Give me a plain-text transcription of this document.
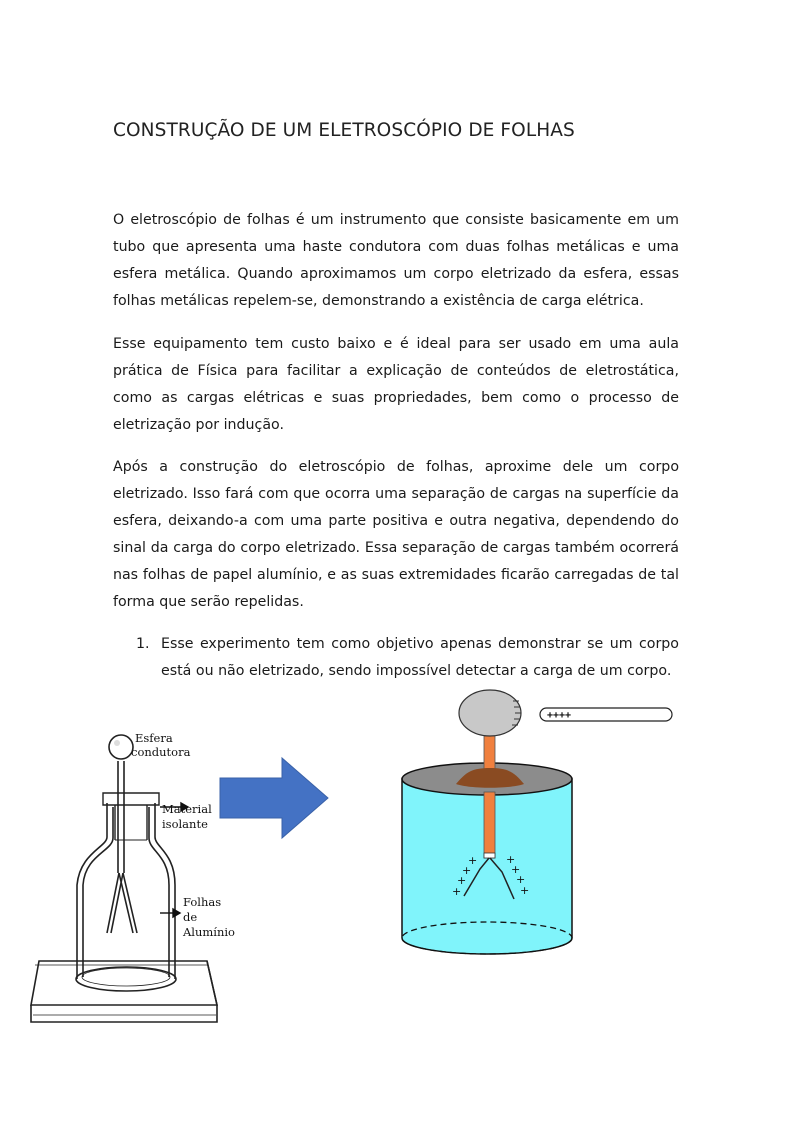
CONSTRUÇÃO DE UM ELETROSCÓPIO DE FOLHAS
O eletroscópio de folhas é um instrumento que consiste basicamente em um tubo que apresenta uma haste condutora com duas folhas metálicas e uma esfera metálica. Quando aproximamos um corpo eletrizado da esfera, essas folhas metálicas repelem-se, demonstrando a existência de carga elétrica.
Esse equipamento tem custo baixo e é ideal para ser usado em uma aula prática de Física para facilitar a explicação de conteúdos de eletrostática, como as cargas elétricas e suas propriedades, bem como o processo de eletrização por indução.
Após a construção do eletroscópio de folhas, aproxime dele um corpo eletrizado. Isso fará com que ocorra uma separação de cargas na superfície da esfera, deixando-a com uma parte positiva e outra negativa, dependendo do sinal da carga do corpo eletrizado. Essa separação de cargas também ocorrerá nas folhas de papel alumínio, e as suas extremidades ficarão carregadas de tal forma que serão repelidas.
1. Esse experimento tem como objetivo apenas demonstrar se um corpo está ou não eletrizado, sendo impossível detectar a carga de um corpo.
Esfera
condutora
Material
isolante
Folhas
de
Alumínio
+
+
+
+
+
+
+
+
++++
